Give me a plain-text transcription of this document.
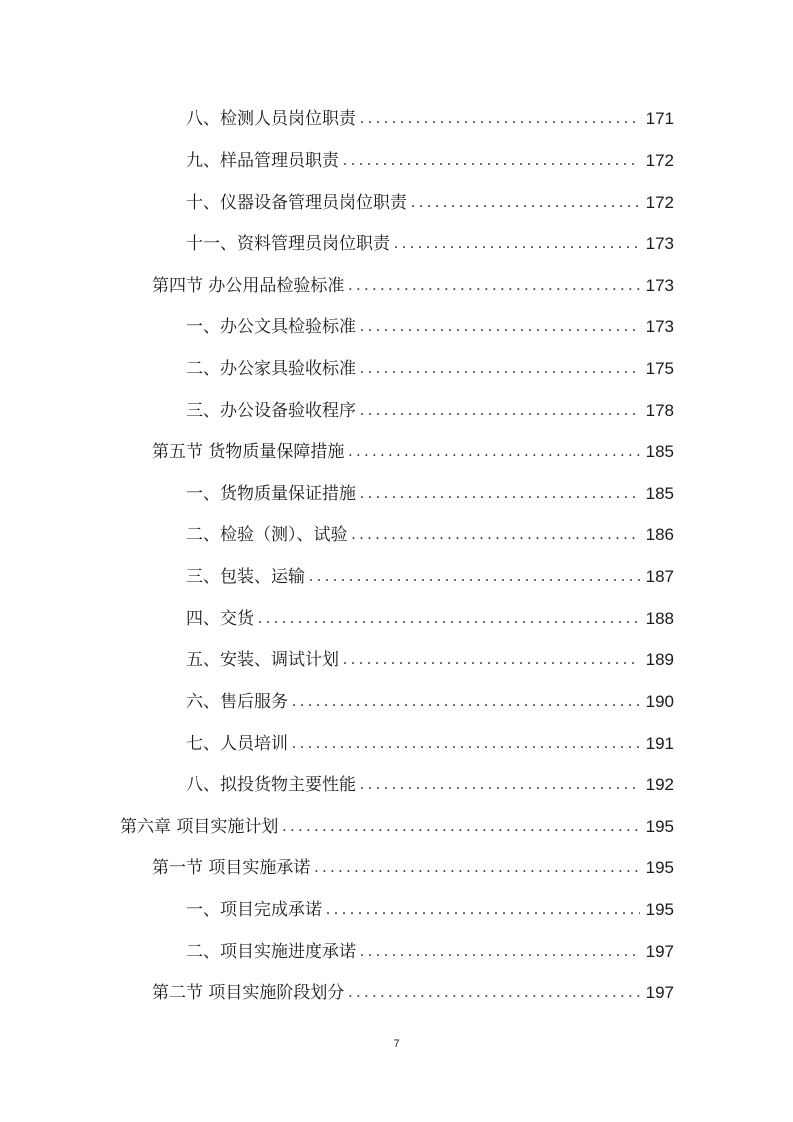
八、检测人员岗位职责 . . .	171
九、样品管理员职责 . . .	172
十、仪器设备管理员岗位职责 . . .	172
十一、资料管理员岗位职责 . . .	173
第四节 办公用品检验标准 . . .	173
一、办公文具检验标准 . . .	173
二、办公家具验收标准 . . .	175
三、办公设备验收程序 . . .	178
第五节 货物质量保障措施 . . .	185
一、货物质量保证措施 . . .	185
二、检验（测）、试验 . . .	186
三、包装、运输 . . .	187
四、交货 . . .	188
五、安装、调试计划 . . .	189
六、售后服务 . . .	190
七、人员培训 . . .	191
八、拟投货物主要性能 . . .	192
第六章 项目实施计划 . . .	195
第一节 项目实施承诺 . . .	195
一、项目完成承诺 . . .	195
二、项目实施进度承诺 . . .	197
第二节 项目实施阶段划分 . . .	197
7
